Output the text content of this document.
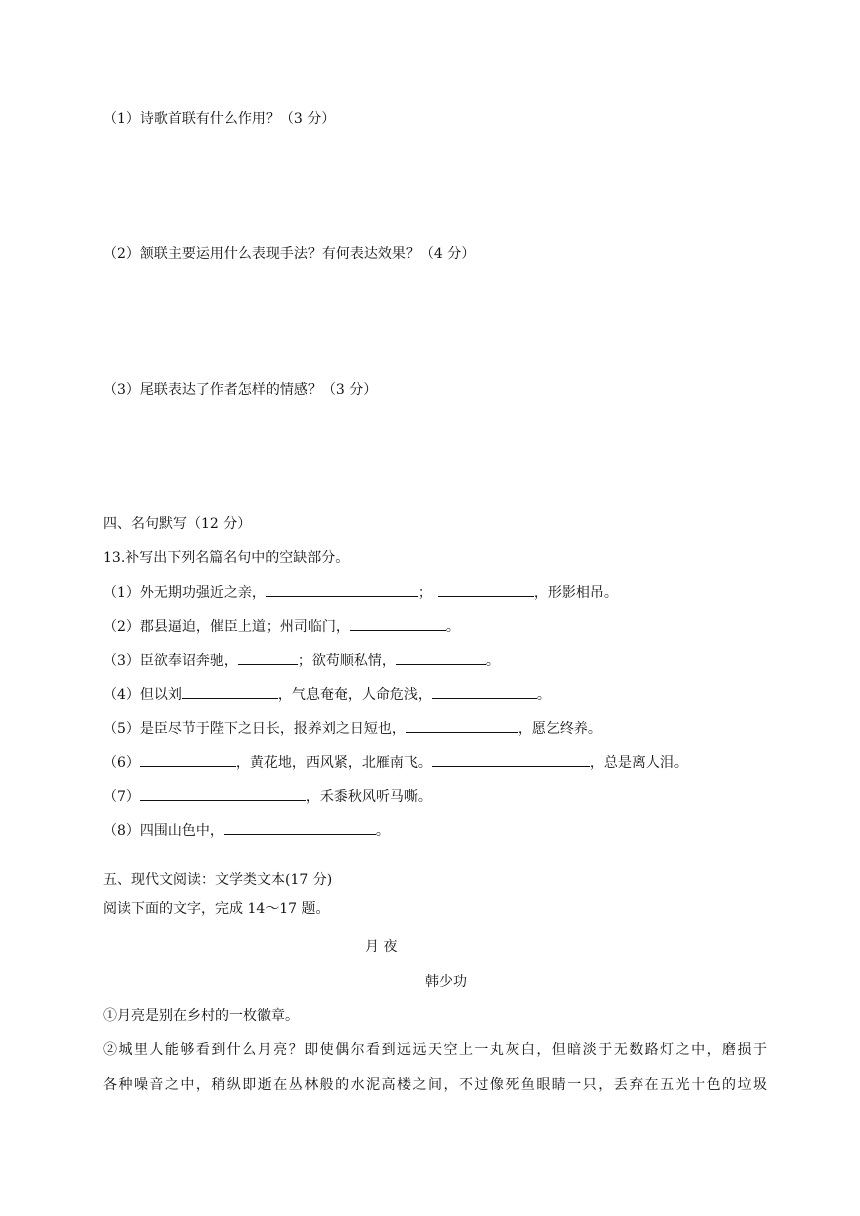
（1）诗歌首联有什么作用？（3 分）
（2）颔联主要运用什么表现手法？有何表达效果？（4 分）
（3）尾联表达了作者怎样的情感？（3 分）
四、名句默写（12 分）
13.补写出下列名篇名句中的空缺部分。
（1）外无期功强近之亲，	；	，形影相吊。
（2）郡县逼迫，催臣上道；州司临门，	。
（3）臣欲奉诏奔驰，	；欲苟顺私情，	。
（4）但以刘	，气息奄奄，人命危浅，	。
（5）是臣尽节于陛下之日长，报养刘之日短也，	，愿乞终养。
（6）	，黄花地，西风紧，北雁南飞。	，总是离人泪。
（7）	，禾黍秋风听马嘶。
（8）四围山色中，	。
五、现代文阅读：文学类文本(17 分)
阅读下面的文字，完成 14～17 题。
月 夜
韩少功
①月亮是别在乡村的一枚徽章。
②城里人能够看到什么月亮？即使偶尔看到远远天空上一丸灰白，但暗淡于无数路灯之中，磨损于
各种噪音之中，稍纵即逝在丛林般的水泥高楼之间，不过像死鱼眼睛一只，丢弃在五光十色的垃圾
